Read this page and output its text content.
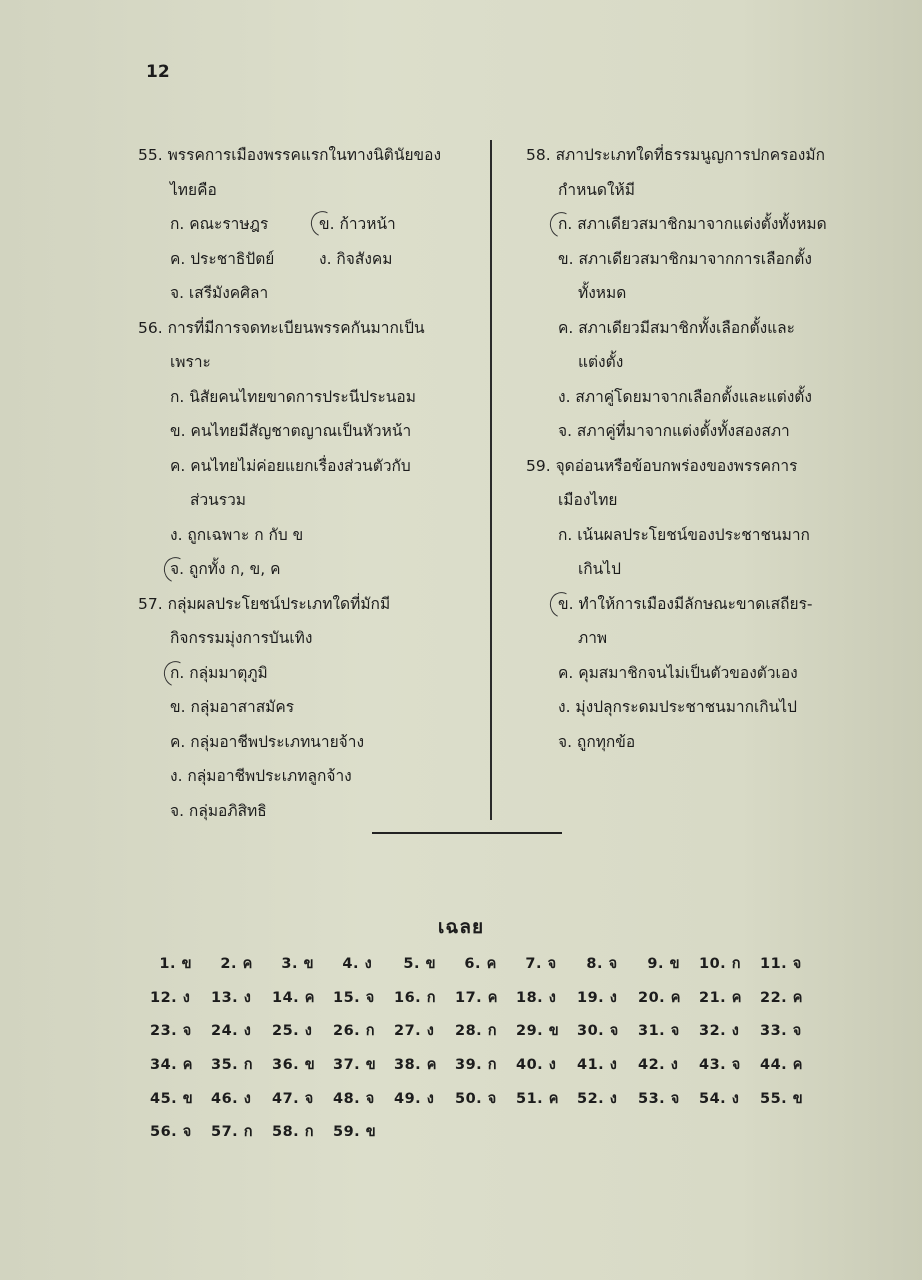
12
55. พรรคการเมืองพรรคแรกในทางนิตินัยของ
ไทยคือ
ก. คณะราษฎร	ข. ก้าวหน้า
ค. ประชาธิปัตย์	ง. กิจสังคม
จ. เสรีมังคศิลา
56. การที่มีการจดทะเบียนพรรคกันมากเป็น
เพราะ
ก. นิสัยคนไทยขาดการประนีประนอม
ข. คนไทยมีสัญชาตญาณเป็นหัวหน้า
ค. คนไทยไม่ค่อยแยกเรื่องส่วนตัวกับ
ส่วนรวม
ง. ถูกเฉพาะ ก กับ ข
จ. ถูกทั้ง ก, ข, ค
57. กลุ่มผลประโยชน์ประเภทใดที่มักมี
กิจกรรมมุ่งการบันเทิง
ก. กลุ่มมาตุภูมิ
ข. กลุ่มอาสาสมัคร
ค. กลุ่มอาชีพประเภทนายจ้าง
ง. กลุ่มอาชีพประเภทลูกจ้าง
จ. กลุ่มอภิสิทธิ
58. สภาประเภทใดที่ธรรมนูญการปกครองมัก
กำหนดให้มี
ก. สภาเดียวสมาชิกมาจากแต่งตั้งทั้งหมด
ข. สภาเดียวสมาชิกมาจากการเลือกตั้ง
ทั้งหมด
ค. สภาเดียวมีสมาชิกทั้งเลือกตั้งและ
แต่งตั้ง
ง. สภาคู่โดยมาจากเลือกตั้งและแต่งตั้ง
จ. สภาคู่ที่มาจากแต่งตั้งทั้งสองสภา
59. จุดอ่อนหรือข้อบกพร่องของพรรคการ
เมืองไทย
ก. เน้นผลประโยชน์ของประชาชนมาก
เกินไป
ข. ทำให้การเมืองมีลักษณะขาดเสถียร-
ภาพ
ค. คุมสมาชิกจนไม่เป็นตัวของตัวเอง
ง. มุ่งปลุกระดมประชาชนมากเกินไป
จ. ถูกทุกข้อ
เฉลย
1. ข	2. ค	3. ข	4. ง	5. ข	6. ค	7. จ	8. จ	9. ข	10. ก	11. จ
12. ง	13. ง	14. ค	15. จ	16. ก	17. ค	18. ง	19. ง	20. ค	21. ค	22. ค
23. จ	24. ง	25. ง	26. ก	27. ง	28. ก	29. ข	30. จ	31. จ	32. ง	33. จ
34. ค	35. ก	36. ข	37. ข	38. ค	39. ก	40. ง	41. ง	42. ง	43. จ	44. ค
45. ข	46. ง	47. จ	48. จ	49. ง	50. จ	51. ค	52. ง	53. จ	54. ง	55. ข
56. จ	57. ก	58. ก	59. ข
